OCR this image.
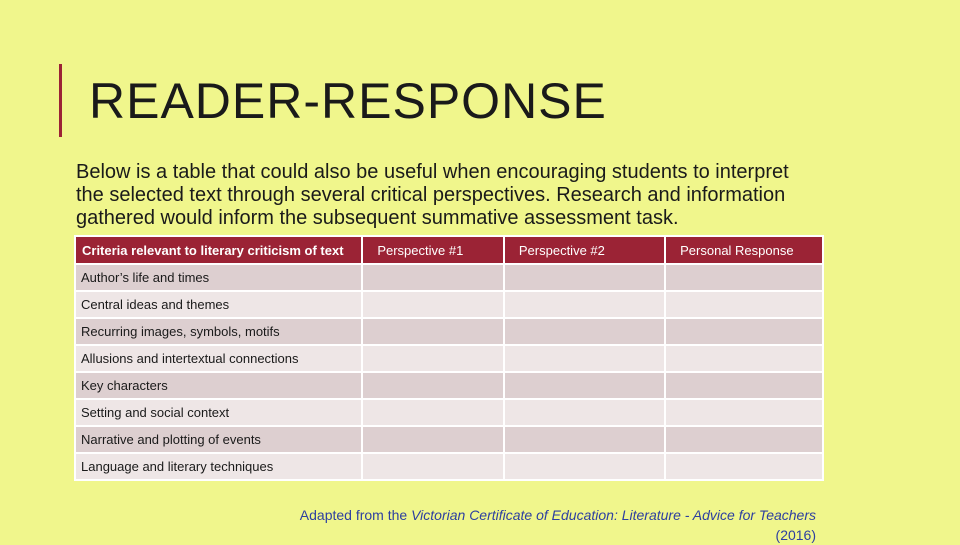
READER-RESPONSE
Below is a table that could also be useful when encouraging students to interpret the selected text through several critical perspectives. Research and information gathered would inform the subsequent summative assessment task.
Criteria relevant to literary criticism of text	Perspective #1	Perspective #2	Personal Response
Author’s life and times			
Central ideas and themes			
Recurring images, symbols, motifs			
Allusions and intertextual connections			
Key characters			
Setting and social context			
Narrative and plotting of events			
Language and literary techniques			
Adapted from the Victorian Certificate of Education: Literature - Advice for Teachers (2016)
